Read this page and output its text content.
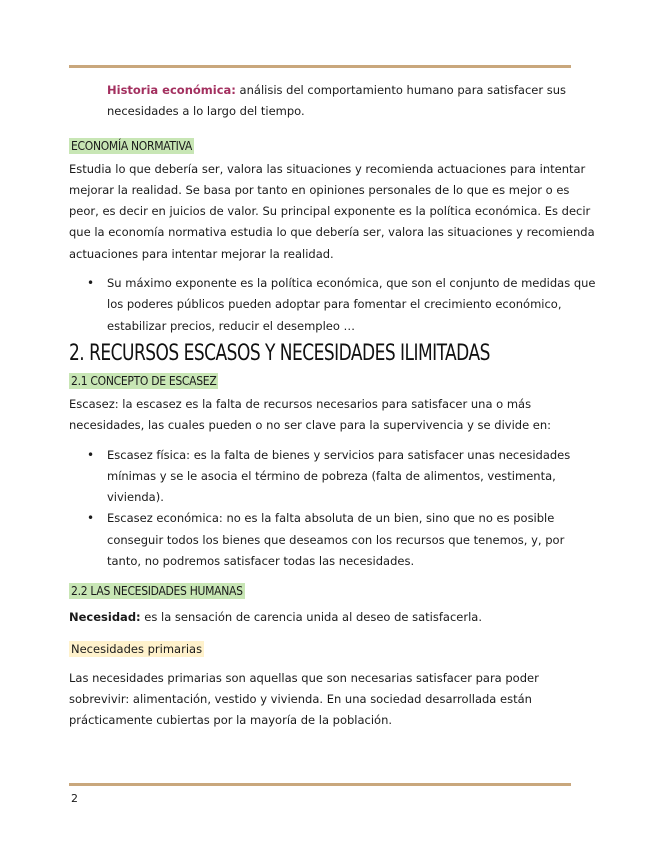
Historia económica: análisis del comportamiento humano para satisfacer sus necesidades a lo largo del tiempo.

ECONOMÍA NORMATIVA

Estudia lo que debería ser, valora las situaciones y recomienda actuaciones para intentar mejorar la realidad. Se basa por tanto en opiniones personales de lo que es mejor o es peor, es decir en juicios de valor. Su principal exponente es la política económica. Es decir que la economía normativa estudia lo que debería ser, valora las situaciones y recomienda actuaciones para intentar mejorar la realidad.

• Su máximo exponente es la política económica, que son el conjunto de medidas que los poderes públicos pueden adoptar para fomentar el crecimiento económico, estabilizar precios, reducir el desempleo …
2. RECURSOS ESCASOS Y NECESIDADES ILIMITADAS
2.1 CONCEPTO DE ESCASEZ

Escasez: la escasez es la falta de recursos necesarios para satisfacer una o más necesidades, las cuales pueden o no ser clave para la supervivencia y se divide en:

• Escasez física: es la falta de bienes y servicios para satisfacer unas necesidades mínimas y se le asocia el término de pobreza (falta de alimentos, vestimenta, vivienda).
• Escasez económica: no es la falta absoluta de un bien, sino que no es posible conseguir todos los bienes que deseamos con los recursos que tenemos, y, por tanto, no podremos satisfacer todas las necesidades.
2.2 LAS NECESIDADES HUMANAS

Necesidad: es la sensación de carencia unida al deseo de satisfacerla.

Necesidades primarias

Las necesidades primarias son aquellas que son necesarias satisfacer para poder sobrevivir: alimentación, vestido y vivienda. En una sociedad desarrollada están prácticamente cubiertas por la mayoría de la población.

2
